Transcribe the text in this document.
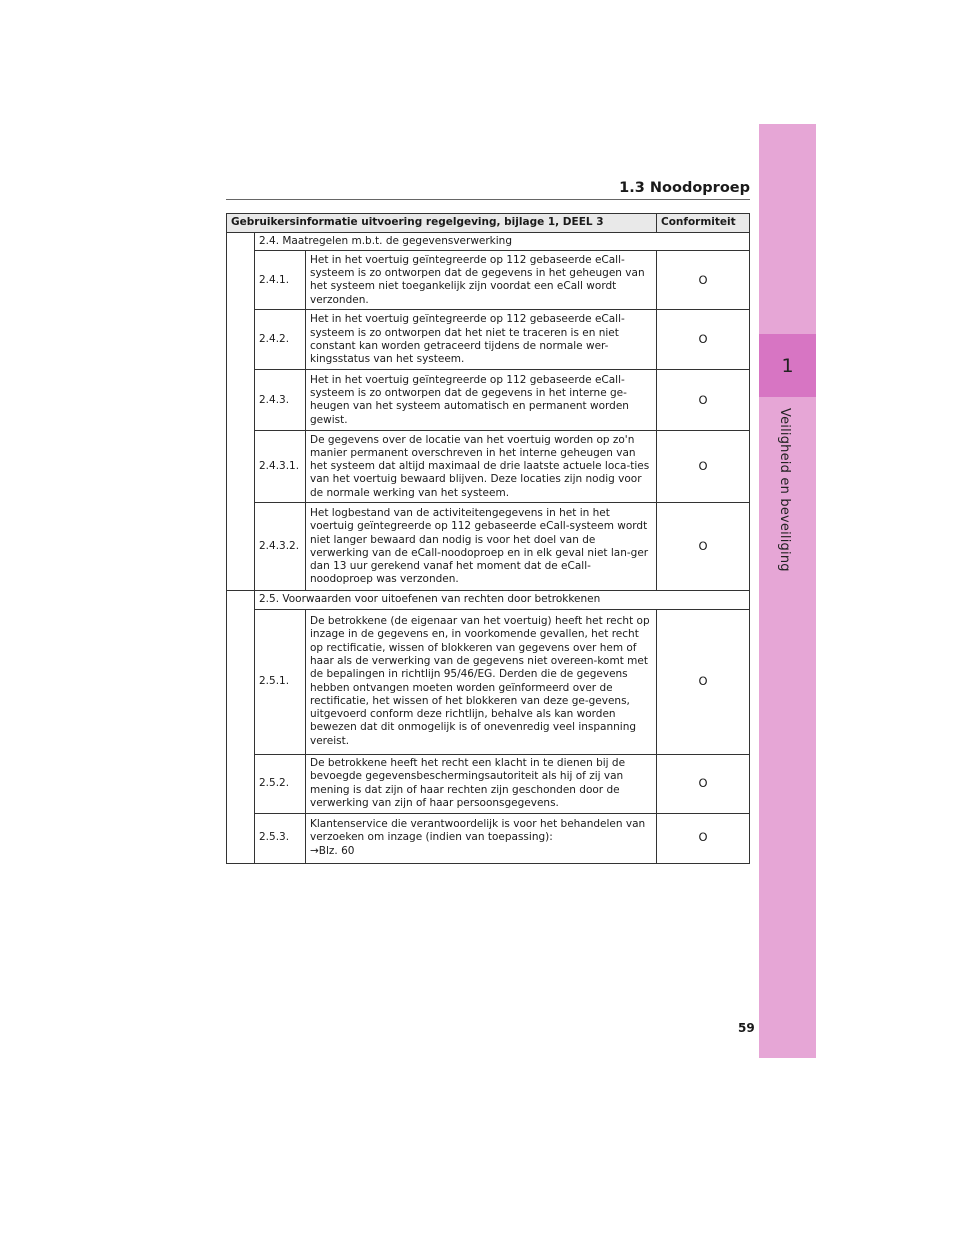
1
Veiligheid en beveiliging
1.3 Noodoproep
Gebruikersinformatie uitvoering regelgeving, bijlage 1, DEEL 3			Conformiteit
	2.4. Maatregelen m.b.t. de gegevensverwerking		
	2.4.1.	Het in het voertuig geïntegreerde op 112 gebaseerde eCall-systeem is zo ontworpen dat de gegevens in het geheugen van het systeem niet toegankelijk zijn voordat een eCall wordt verzonden.	O
	2.4.2.	Het in het voertuig geïntegreerde op 112 gebaseerde eCall-systeem is zo ontworpen dat het niet te traceren is en niet constant kan worden getraceerd tijdens de normale wer-kingsstatus van het systeem.	O
	2.4.3.	Het in het voertuig geïntegreerde op 112 gebaseerde eCall-systeem is zo ontworpen dat de gegevens in het interne ge-heugen van het systeem automatisch en permanent worden gewist.	O
	2.4.3.1.	De gegevens over de locatie van het voertuig worden op zo'n manier permanent overschreven in het interne geheugen van het systeem dat altijd maximaal de drie laatste actuele loca-ties van het voertuig bewaard blijven. Deze locaties zijn nodig voor de normale werking van het systeem.	O
	2.4.3.2.	Het logbestand van de activiteitengegevens in het in het voertuig geïntegreerde op 112 gebaseerde eCall-systeem wordt niet langer bewaard dan nodig is voor het doel van de verwerking van de eCall-noodoproep en in elk geval niet lan-ger dan 13 uur gerekend vanaf het moment dat de eCall-noodoproep was verzonden.	O
	2.5. Voorwaarden voor uitoefenen van rechten door betrokkenen		
	2.5.1.	De betrokkene (de eigenaar van het voertuig) heeft het recht op inzage in de gegevens en, in voorkomende gevallen, het recht op rectificatie, wissen of blokkeren van gegevens over hem of haar als de verwerking van de gegevens niet overeen-komt met de bepalingen in richtlijn 95/46/EG. Derden die de gegevens hebben ontvangen moeten worden geïnformeerd over de rectificatie, het wissen of het blokkeren van deze ge-gevens, uitgevoerd conform deze richtlijn, behalve als kan worden bewezen dat dit onmogelijk is of onevenredig veel inspanning vereist.	O
	2.5.2.	De betrokkene heeft het recht een klacht in te dienen bij de bevoegde gegevensbeschermingsautoriteit als hij of zij van mening is dat zijn of haar rechten zijn geschonden door de verwerking van zijn of haar persoonsgegevens.	O
	2.5.3.	Klantenservice die verantwoordelijk is voor het behandelen van verzoeken om inzage (indien van toepassing):
→Blz. 60	O
59
